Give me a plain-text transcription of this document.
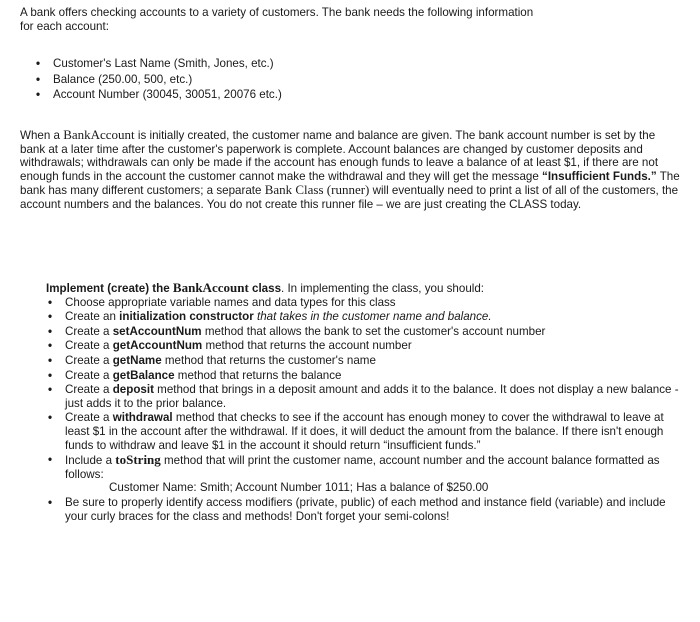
A bank offers checking accounts to a variety of customers. The bank needs the following information
for each account:
• Customer's Last Name (Smith, Jones, etc.)
• Balance (250.00, 500, etc.)
• Account Number (30045, 30051, 20076 etc.)
When a BankAccount is initially created, the customer name and balance are given. The bank account number is set by the bank at a later time after the customer's paperwork is complete. Account balances are changed by customer deposits and withdrawals; withdrawals can only be made if the account has enough funds to leave a balance of at least $1, if there are not enough funds in the account the customer cannot make the withdrawal and they will get the message “Insufficient Funds.” The bank has many different customers; a separate Bank Class (runner) will eventually need to print a list of all of the customers, the account numbers and the balances. You do not create this runner file – we are just creating the CLASS today.
Implement (create) the BankAccount class. In implementing the class, you should:
• Choose appropriate variable names and data types for this class
• Create an initialization constructor that takes in the customer name and balance.
• Create a setAccountNum method that allows the bank to set the customer's account number
• Create a getAccountNum method that returns the account number
• Create a getName method that returns the customer's name
• Create a getBalance method that returns the balance
• Create a deposit method that brings in a deposit amount and adds it to the balance. It does not display a new balance - just adds it to the prior balance.
• Create a withdrawal method that checks to see if the account has enough money to cover the withdrawal to leave at least $1 in the account after the withdrawal. If it does, it will deduct the amount from the balance. If there isn't enough funds to withdraw and leave $1 in the account it should return “insufficient funds.”
• Include a toString method that will print the customer name, account number and the account balance formatted as follows:
Customer Name: Smith; Account Number 1011; Has a balance of $250.00
• Be sure to properly identify access modifiers (private, public) of each method and instance field (variable) and include your curly braces for the class and methods! Don't forget your semi-colons!
